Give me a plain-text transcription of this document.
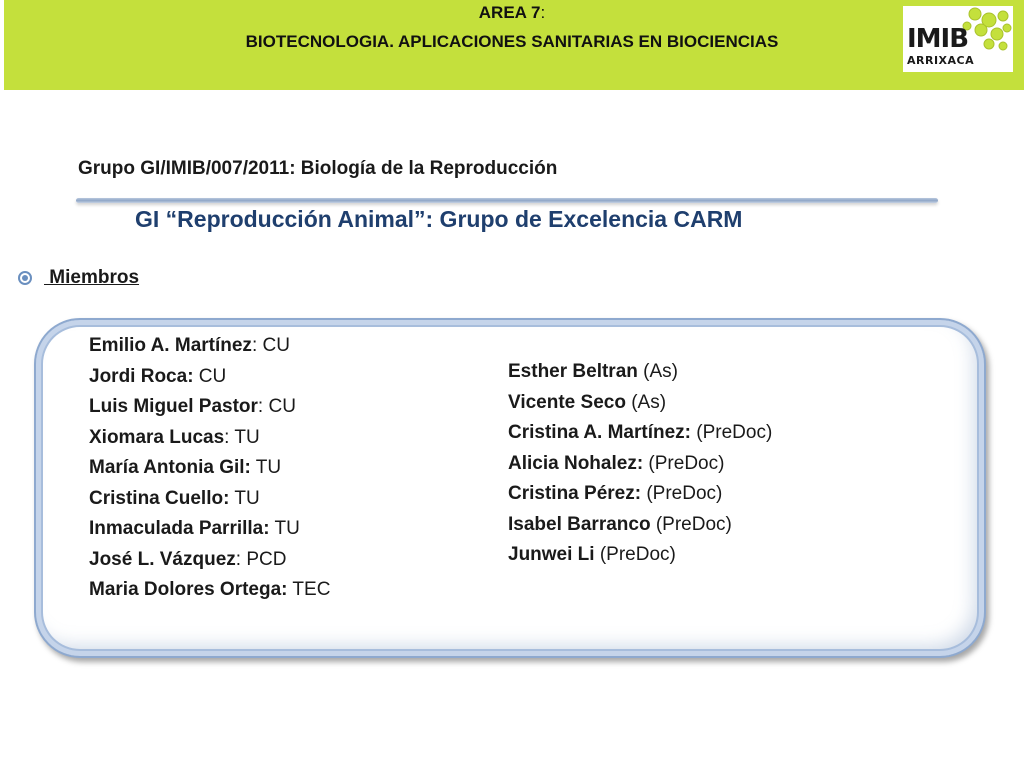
AREA 7:
BIOTECNOLOGIA. APLICACIONES SANITARIAS EN BIOCIENCIAS	IMIB
ARRIXACA
Grupo GI/IMIB/007/2011: Biología de la Reproducción
GI “Reproducción Animal”: Grupo de Excelencia CARM
Miembros
Emilio A. Martínez: CU
Jordi Roca: CU
Luis Miguel Pastor: CU
Xiomara Lucas: TU
María Antonia Gil: TU
Cristina Cuello: TU
Inmaculada Parrilla: TU
José L. Vázquez: PCD
Maria Dolores Ortega: TEC
Esther Beltran (As)
Vicente Seco (As)
Cristina A. Martínez: (PreDoc)
Alicia Nohalez: (PreDoc)
Cristina Pérez: (PreDoc)
Isabel Barranco (PreDoc)
Junwei Li (PreDoc)
